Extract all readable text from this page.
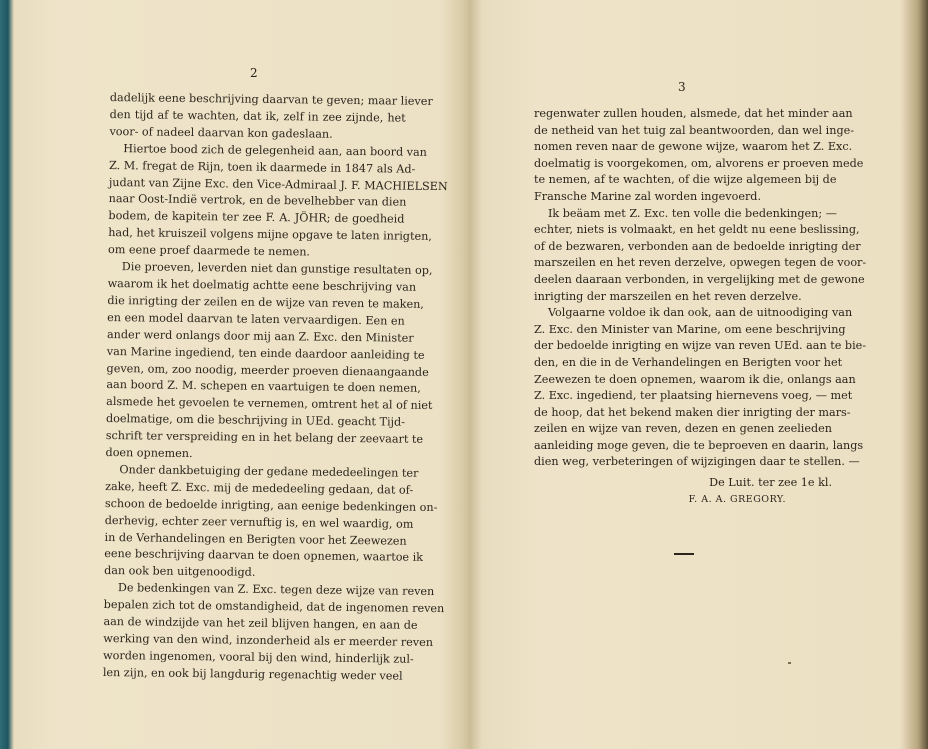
2
dadelijk eene beschrijving daarvan te geven; maar liever
den tijd af te wachten, dat ik, zelf in zee zijnde, het
voor- of nadeel daarvan kon gadeslaan.
Hiertoe bood zich de gelegenheid aan, aan boord van
Z. M. fregat de Rijn, toen ik daarmede in 1847 als Ad-
judant van Zijne Exc. den Vice-Admiraal J. F. MACHIELSEN
naar Oost-Indië vertrok, en de bevelhebber van dien
bodem, de kapitein ter zee F. A. JÖHR; de goedheid
had, het kruiszeil volgens mijne opgave te laten inrigten,
om eene proef daarmede te nemen.
Die proeven, leverden niet dan gunstige resultaten op,
waarom ik het doelmatig achtte eene beschrijving van
die inrigting der zeilen en de wijze van reven te maken,
en een model daarvan te laten vervaardigen. Een en
ander werd onlangs door mij aan Z. Exc. den Minister
van Marine ingediend, ten einde daardoor aanleiding te
geven, om, zoo noodig, meerder proeven dienaangaande
aan boord Z. M. schepen en vaartuigen te doen nemen,
alsmede het gevoelen te vernemen, omtrent het al of niet
doelmatige, om die beschrijving in UEd. geacht Tijd-
schrift ter verspreiding en in het belang der zeevaart te
doen opnemen.
Onder dankbetuiging der gedane mededeelingen ter
zake, heeft Z. Exc. mij de mededeeling gedaan, dat of-
schoon de bedoelde inrigting, aan eenige bedenkingen on-
derhevig, echter zeer vernuftig is, en wel waardig, om
in de Verhandelingen en Berigten voor het Zeewezen
eene beschrijving daarvan te doen opnemen, waartoe ik
dan ook ben uitgenoodigd.
De bedenkingen van Z. Exc. tegen deze wijze van reven
bepalen zich tot de omstandigheid, dat de ingenomen reven
aan de windzijde van het zeil blijven hangen, en aan de
werking van den wind, inzonderheid als er meerder reven
worden ingenomen, vooral bij den wind, hinderlijk zul-
len zijn, en ook bij langdurig regenachtig weder veel
3
regenwater zullen houden, alsmede, dat het minder aan
de netheid van het tuig zal beantwoorden, dan wel inge-
nomen reven naar de gewone wijze, waarom het Z. Exc.
doelmatig is voorgekomen, om, alvorens er proeven mede
te nemen, af te wachten, of die wijze algemeen bij de
Fransche Marine zal worden ingevoerd.
Ik beäam met Z. Exc. ten volle die bedenkingen; —
echter, niets is volmaakt, en het geldt nu eene beslissing,
of de bezwaren, verbonden aan de bedoelde inrigting der
marszeilen en het reven derzelve, opwegen tegen de voor-
deelen daaraan verbonden, in vergelijking met de gewone
inrigting der marszeilen en het reven derzelve.
Volgaarne voldoe ik dan ook, aan de uitnoodiging van
Z. Exc. den Minister van Marine, om eene beschrijving
der bedoelde inrigting en wijze van reven UEd. aan te bie-
den, en die in de Verhandelingen en Berigten voor het
Zeewezen te doen opnemen, waarom ik die, onlangs aan
Z. Exc. ingediend, ter plaatsing hiernevens voeg, — met
de hoop, dat het bekend maken dier inrigting der mars-
zeilen en wijze van reven, dezen en genen zeelieden
aanleiding moge geven, die te beproeven en daarin, langs
dien weg, verbeteringen of wijzigingen daar te stellen. —
De Luit. ter zee 1e kl.
F. A. A. GREGORY.
